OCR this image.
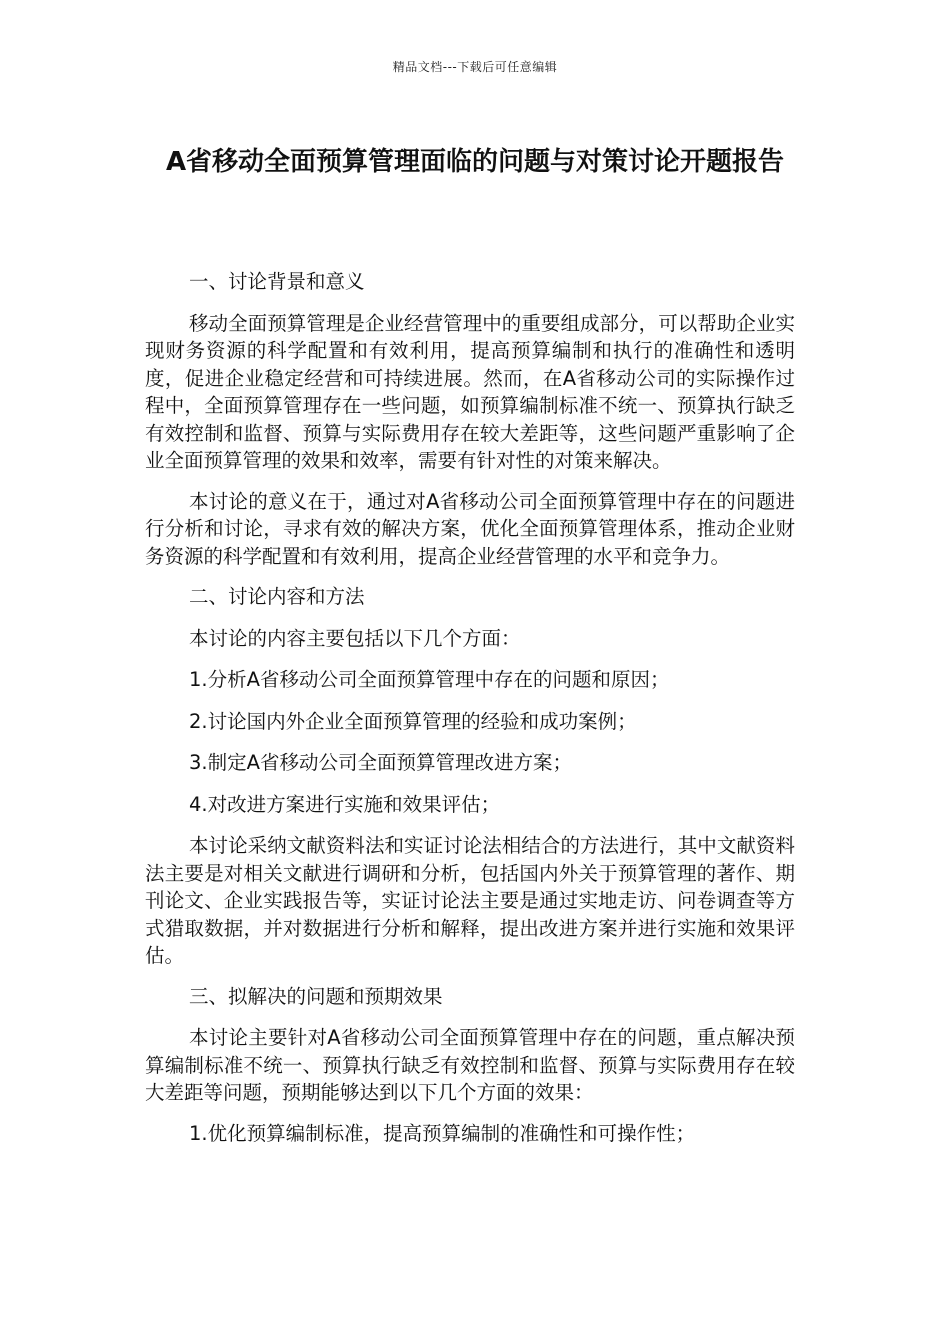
精品文档---下载后可任意编辑
A省移动全面预算管理面临的问题与对策讨论开题报告

一、讨论背景和意义

移动全面预算管理是企业经营管理中的重要组成部分，可以帮助企业实现财务资源的科学配置和有效利用，提高预算编制和执行的准确性和透明度，促进企业稳定经营和可持续进展。然而，在A省移动公司的实际操作过程中，全面预算管理存在一些问题，如预算编制标准不统一、预算执行缺乏有效控制和监督、预算与实际费用存在较大差距等，这些问题严重影响了企业全面预算管理的效果和效率，需要有针对性的对策来解决。

本讨论的意义在于，通过对A省移动公司全面预算管理中存在的问题进行分析和讨论，寻求有效的解决方案，优化全面预算管理体系，推动企业财务资源的科学配置和有效利用，提高企业经营管理的水平和竞争力。

二、讨论内容和方法

本讨论的内容主要包括以下几个方面：

1.分析A省移动公司全面预算管理中存在的问题和原因；

2.讨论国内外企业全面预算管理的经验和成功案例；

3.制定A省移动公司全面预算管理改进方案；

4.对改进方案进行实施和效果评估；

本讨论采纳文献资料法和实证讨论法相结合的方法进行，其中文献资料法主要是对相关文献进行调研和分析，包括国内外关于预算管理的著作、期刊论文、企业实践报告等，实证讨论法主要是通过实地走访、问卷调查等方式猎取数据，并对数据进行分析和解释，提出改进方案并进行实施和效果评估。

三、拟解决的问题和预期效果

本讨论主要针对A省移动公司全面预算管理中存在的问题，重点解决预算编制标准不统一、预算执行缺乏有效控制和监督、预算与实际费用存在较大差距等问题，预期能够达到以下几个方面的效果：

1.优化预算编制标准，提高预算编制的准确性和可操作性；
